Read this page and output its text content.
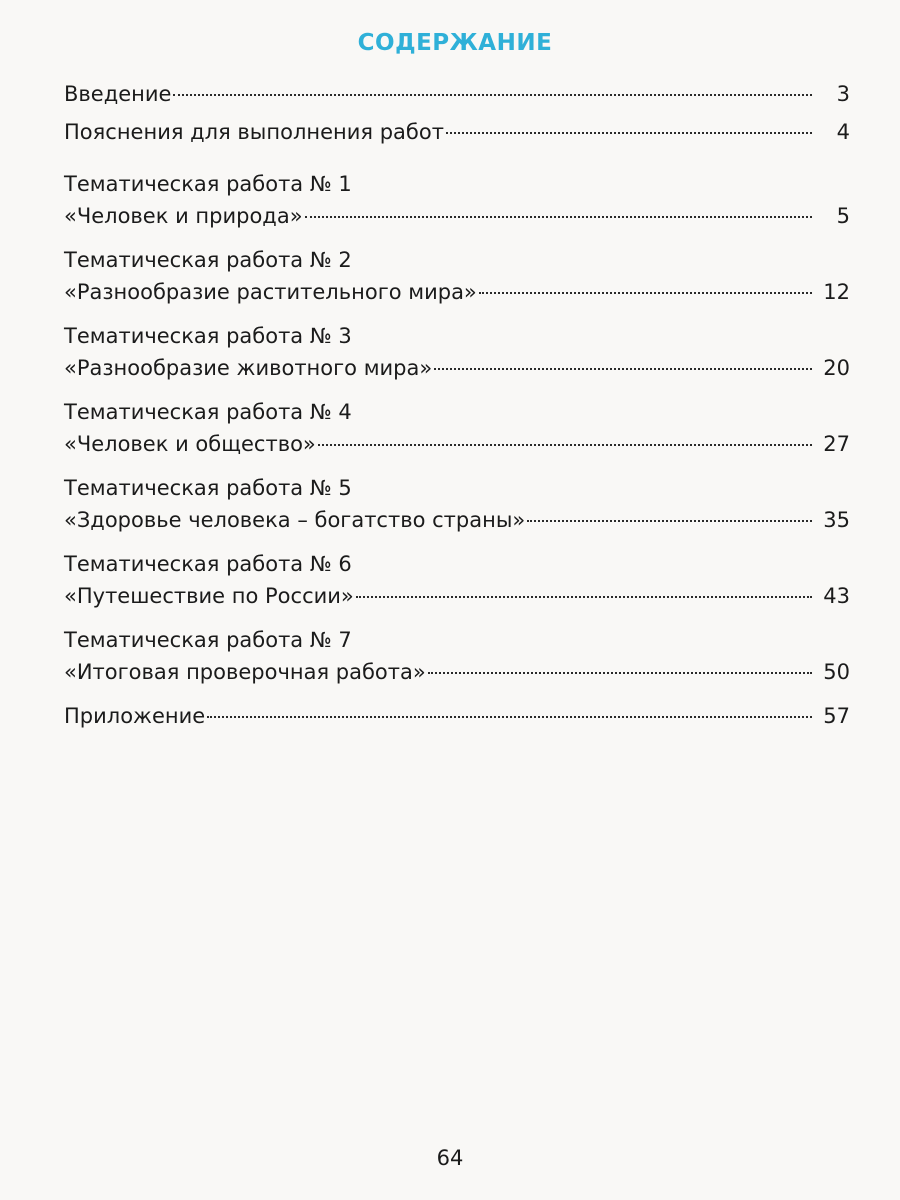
СОДЕРЖАНИЕ
Введение	3
Пояснения для выполнения работ	4
Тематическая работа № 1
«Человек и природа»	5
Тематическая работа № 2
«Разнообразие растительного мира»	12
Тематическая работа № 3
«Разнообразие животного мира»	20
Тематическая работа № 4
«Человек и общество»	27
Тематическая работа № 5
«Здоровье человека – богатство страны»	35
Тематическая работа № 6
«Путешествие по России»	43
Тематическая работа № 7
«Итоговая проверочная работа»	50
Приложение	57
64
